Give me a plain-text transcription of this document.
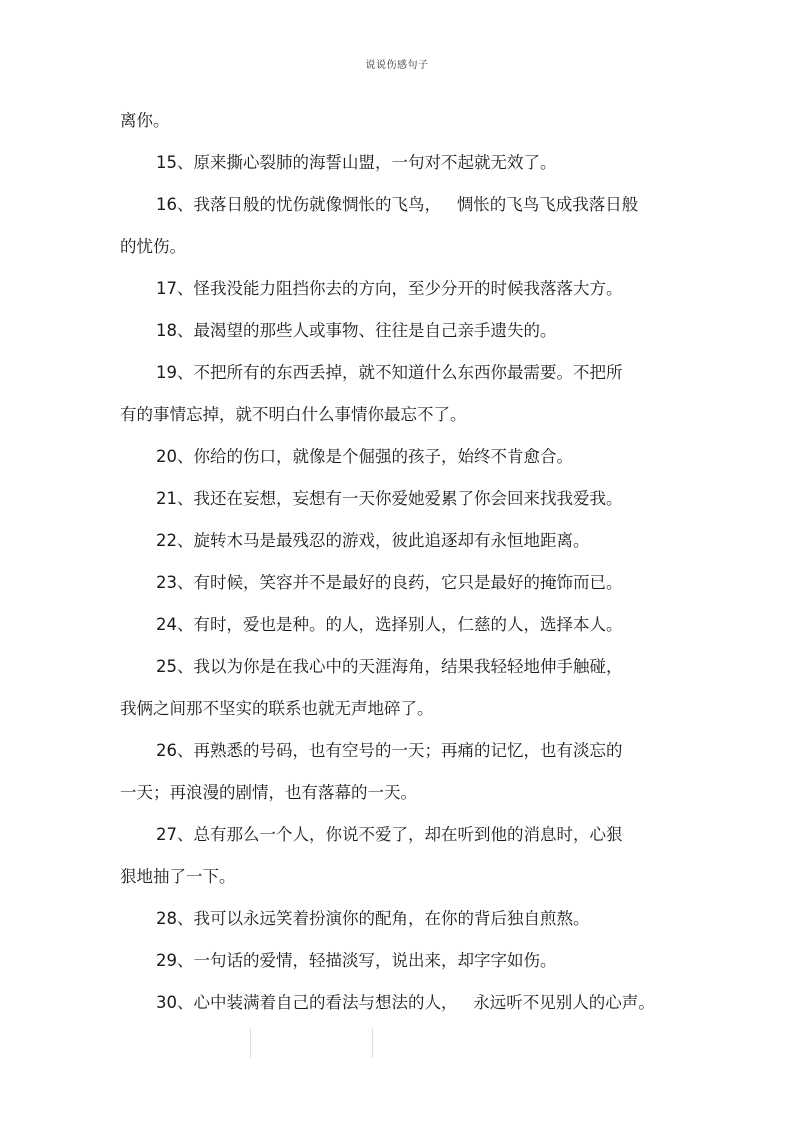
说说伤感句子

离你。

15、原来撕心裂肺的海誓山盟，一句对不起就无效了。

16、我落日般的忧伤就像惆怅的飞鸟，   惆怅的飞鸟飞成我落日般

的忧伤。

17、怪我没能力阻挡你去的方向，至少分开的时候我落落大方。

18、最渴望的那些人或事物、往往是自己亲手遗失的。

19、不把所有的东西丢掉，就不知道什么东西你最需要。不把所

有的事情忘掉，就不明白什么事情你最忘不了。

20、你给的伤口，就像是个倔强的孩子，始终不肯愈合。

21、我还在妄想，妄想有一天你爱她爱累了你会回来找我爱我。

22、旋转木马是最残忍的游戏，彼此追逐却有永恒地距离。

23、有时候，笑容并不是最好的良药，它只是最好的掩饰而已。

24、有时，爱也是种。的人，选择别人，仁慈的人，选择本人。

25、我以为你是在我心中的天涯海角，结果我轻轻地伸手触碰，

我俩之间那不坚实的联系也就无声地碎了。

26、再熟悉的号码，也有空号的一天；再痛的记忆，也有淡忘的

一天；再浪漫的剧情，也有落幕的一天。

27、总有那么一个人，你说不爱了，却在听到他的消息时，心狠

狠地抽了一下。

28、我可以永远笑着扮演你的配角，在你的背后独自煎熬。

29、一句话的爱情，轻描淡写，说出来，却字字如伤。

30、心中装满着自己的看法与想法的人，   永远听不见别人的心声。
